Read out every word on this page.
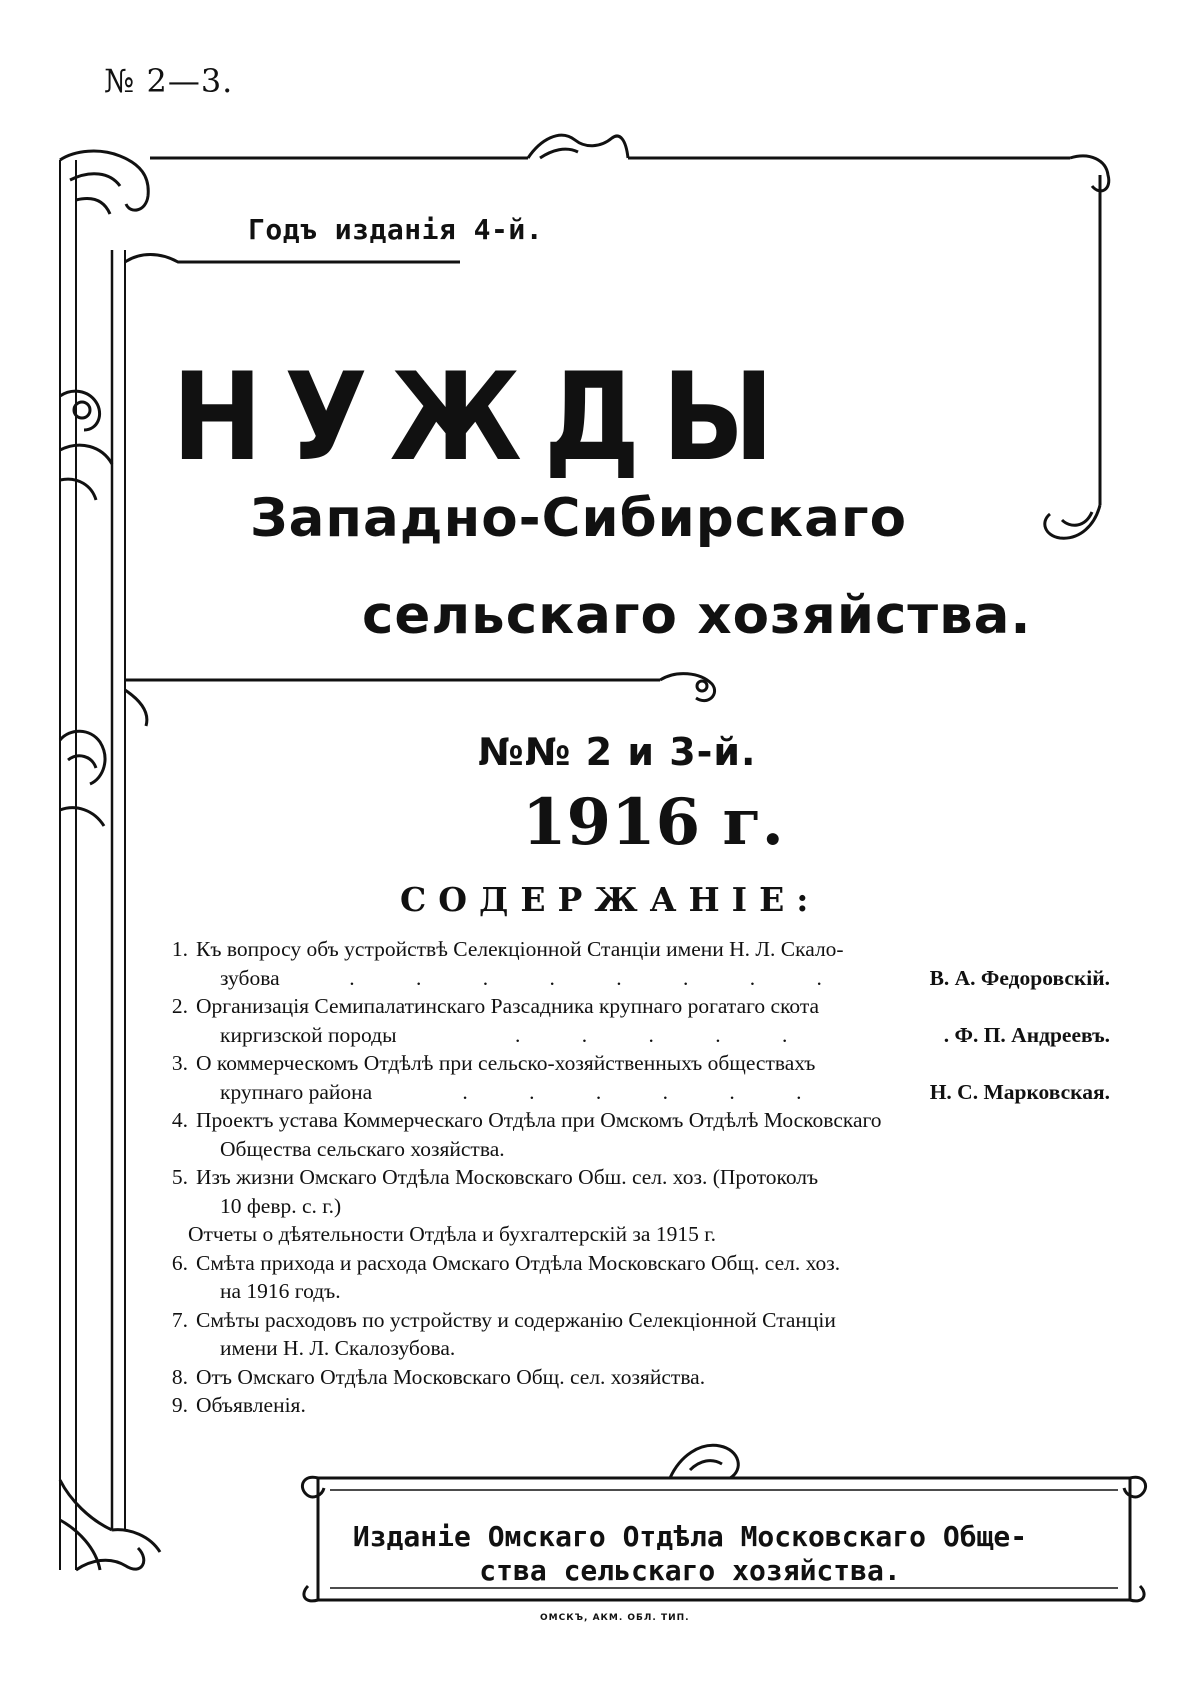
№ 2—3.
Годъ изданія 4-й.
НУЖДЫ
Западно-Сибирскаго
сельскаго хозяйства.
№№ 2 и 3-й.
1916 г.
СОДЕРЖАНІЕ:
1. Къ вопросу объ устройствѣ Селекціонной Станціи имени Н. Л. Скало-
зубова	. . . . . . . .	В. А. Федоровскій.
2. Организація Семипалатинскаго Разсадника крупнаго рогатаго скота
киргизской породы	. . . . .	. Ф. П. Андреевъ.
3. О коммерческомъ Отдѣлѣ при сельско-хозяйственныхъ обществахъ
крупнаго района	. . . . . .	Н. С. Марковская.
4. Проектъ устава Коммерческаго Отдѣла при Омскомъ Отдѣлѣ Московскаго
Общества сельскаго хозяйства.
5. Изъ жизни Омскаго Отдѣла Московскаго Обш. сел. хоз. (Протоколъ
10 февр. с. г.)
Отчеты о дѣятельности Отдѣла и бухгалтерскій за 1915 г.
6. Смѣта прихода и расхода Омскаго Отдѣла Московскаго Общ. сел. хоз.
на 1916 годъ.
7. Смѣты расходовъ по устройству и содержанію Селекціонной Станціи
имени Н. Л. Скалозубова.
8. Отъ Омскаго Отдѣла Московскаго Общ. сел. хозяйства.
9. Объявленія.
Изданіе Омскаго Отдѣла Московскаго Обще-
ства сельскаго хозяйства.
ОМСКЪ, АКМ. ОБЛ. ТИП.
